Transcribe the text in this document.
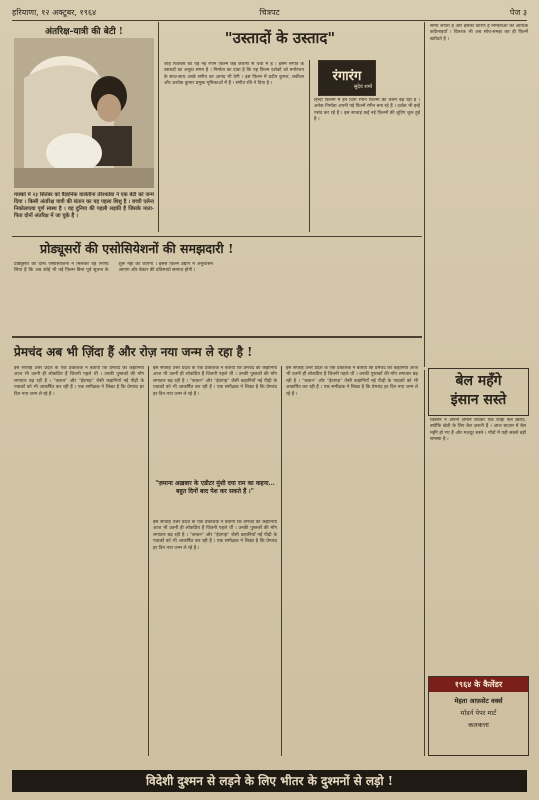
हरियाणा, १२ अक्टूबर, १९६४	चित्रपट	पेज ३
अंतरिक्ष-यात्री की बेटी !
मास्को में २३ सितंबर को वैज्ञानिक वालेंतीना तेरेश्कोवा ने एक बेटी को जन्म दिया । किसी अंतरिक्ष यात्री की संतान का यह पहला शिशु है । बच्ची एलेना निकोलाएवा पूर्ण स्वस्थ है । वह दुनिया की पहली लड़की है जिसके माता-पिता दोनों अंतरिक्ष में जा चुके हैं ।
"उस्तादों के उस्ताद"
शाह पिक्चर्स की यह नई रंगीन फ़िल्म कई कारणों से चर्चा में है । इसमें संगीत के उस्तादों का अनूठा संगम है । निर्माता का दावा है कि यह फ़िल्म दर्शकों को मनोरंजन के साथ-साथ अच्छे संगीत का आनंद भी देगी । इस फ़िल्म में प्रदीप कुमार, शकीला और अशोक कुमार प्रमुख भूमिकाओं में हैं । संगीत रवि ने दिया है ।	रंगारंग
सुदेव शर्मा
हिन्दी फ़िल्मों में इन दिनों रंगीन फ़िल्मों का चलन बढ़ रहा है । अनेक निर्माता अपनी नई फ़िल्में रंगीन बना रहे हैं । दर्शक भी इन्हें पसंद कर रहे हैं । इस सप्ताह कई नई फ़िल्मों की शूटिंग शुरू हुई है ।
समय लगता है और इसका कारण है निर्माताओं की आर्थिक कठिनाइयाँ । वितरक भी अब सोच-समझ कर ही फ़िल्में खरीदते हैं ।
प्रोड्यूसरों की एसोसियेशनों की समझदारी !
प्रोड्यूसरों की दोनों एसोसियेशनों ने मिलकर यह निर्णय लिया है कि अब कोई भी नई फ़िल्म बिना पूर्व सूचना के शुरू नहीं की जाएगी । इससे फ़िल्म उद्योग में अनुशासन आएगा और बेकार की प्रतिस्पर्धा समाप्त होगी ।
प्रेमचंद अब भी ज़िंदा हैं और रोज़ नया जन्म ले रहा है !
इस सप्ताह उत्तर प्रदेश के एक प्रकाशक ने बताया कि प्रेमचंद की कहानियाँ आज भी उतनी ही लोकप्रिय हैं जितनी पहले थीं । उनकी पुस्तकों की माँग लगातार बढ़ रही है । "कफ़न" और "ईदगाह" जैसी कहानियाँ नई पीढ़ी के पाठकों को भी आकर्षित कर रही हैं । एक समीक्षक ने लिखा है कि प्रेमचंद हर दिन नया जन्म ले रहे हैं ।
इस सप्ताह उत्तर प्रदेश के एक प्रकाशक ने बताया कि प्रेमचंद की कहानियाँ आज भी उतनी ही लोकप्रिय हैं जितनी पहले थीं । उनकी पुस्तकों की माँग लगातार बढ़ रही है । "कफ़न" और "ईदगाह" जैसी कहानियाँ नई पीढ़ी के पाठकों को भी आकर्षित कर रही हैं । एक समीक्षक ने लिखा है कि प्रेमचंद हर दिन नया जन्म ले रहे हैं ।
"ज़माना अख़बार के एडीटर मुंशी दया राम का कहना... बहुत दिनों बाद पेश कर सकते हैं ।"
इस सप्ताह उत्तर प्रदेश के एक प्रकाशक ने बताया कि प्रेमचंद की कहानियाँ आज भी उतनी ही लोकप्रिय हैं जितनी पहले थीं । उनकी पुस्तकों की माँग लगातार बढ़ रही है । "कफ़न" और "ईदगाह" जैसी कहानियाँ नई पीढ़ी के पाठकों को भी आकर्षित कर रही हैं । एक समीक्षक ने लिखा है कि प्रेमचंद हर दिन नया जन्म ले रहे हैं ।
इस सप्ताह उत्तर प्रदेश के एक प्रकाशक ने बताया कि प्रेमचंद की कहानियाँ आज भी उतनी ही लोकप्रिय हैं जितनी पहले थीं । उनकी पुस्तकों की माँग लगातार बढ़ रही है । "कफ़न" और "ईदगाह" जैसी कहानियाँ नई पीढ़ी के पाठकों को भी आकर्षित कर रही हैं । एक समीक्षक ने लिखा है कि प्रेमचंद हर दिन नया जन्म ले रहे हैं ।
बेल महँगे
इंसान सस्ते
किसान ने अपनी ज़मीन बेचकर एक जोड़ी बैल ख़रीदे, क्योंकि खेती के लिए बैल ज़रूरी हैं । आज बाज़ार में बैल महँगे हो गए हैं और मज़दूर सस्ते । गाँवों में यही सबसे बड़ी समस्या है ।
१९६४ के कैलेंडर
मेहता आफ़सेट वर्क्स
मॉडर्न पेपर मार्ट
कलकत्ता
विदेशी दुश्मन से लड़ने के लिए भीतर के दुश्मनों से लड़ो !
